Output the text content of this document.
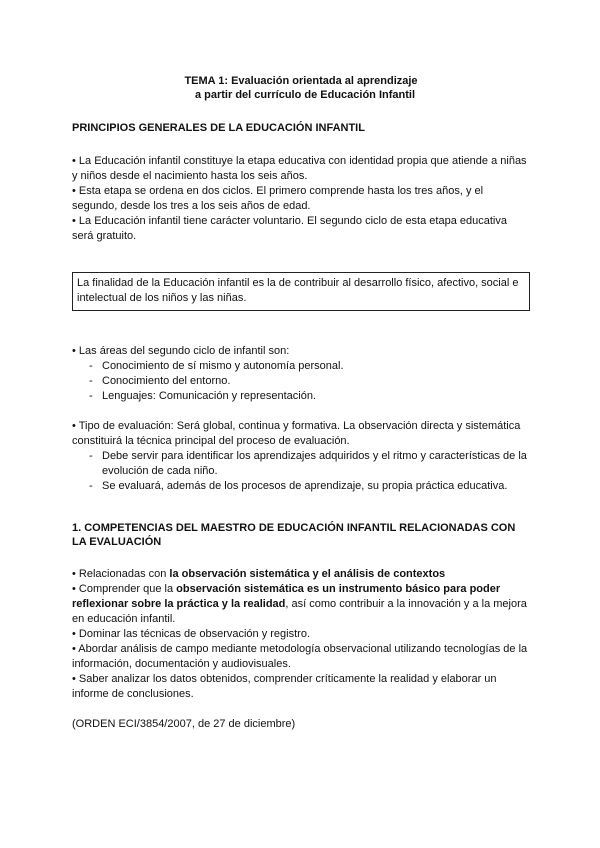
TEMA 1: Evaluación orientada al aprendizaje

a partir del currículo de Educación Infantil

PRINCIPIOS GENERALES DE LA EDUCACIÓN INFANTIL

• La Educación infantil constituye la etapa educativa con identidad propia que atiende a niñas y niños desde el nacimiento hasta los seis años.

• Esta etapa se ordena en dos ciclos. El primero comprende hasta los tres años, y el segundo, desde los tres a los seis años de edad.

• La Educación infantil tiene carácter voluntario. El segundo ciclo de esta etapa educativa será gratuito.

La finalidad de la Educación infantil es la de contribuir al desarrollo físico, afectivo, social e intelectual de los niños y las niñas.

• Las áreas del segundo ciclo de infantil son:

- Conocimiento de sí mismo y autonomía personal.
- Conocimiento del entorno.
- Lenguajes: Comunicación y representación.

• Tipo de evaluación: Será global, continua y formativa. La observación directa y sistemática constituirá la técnica principal del proceso de evaluación.

- Debe servir para identificar los aprendizajes adquiridos y el ritmo y características de la evolución de cada niño.
- Se evaluará, además de los procesos de aprendizaje, su propia práctica educativa.

1. COMPETENCIAS DEL MAESTRO DE EDUCACIÓN INFANTIL RELACIONADAS CON LA EVALUACIÓN

• Relacionadas con la observación sistemática y el análisis de contextos

• Comprender que la observación sistemática es un instrumento básico para poder reflexionar sobre la práctica y la realidad, así como contribuir a la innovación y a la mejora en educación infantil.

• Dominar las técnicas de observación y registro.

• Abordar análisis de campo mediante metodología observacional utilizando tecnologías de la información, documentación y audiovisuales.

• Saber analizar los datos obtenidos, comprender críticamente la realidad y elaborar un informe de conclusiones.

(ORDEN ECI/3854/2007, de 27 de diciembre)
